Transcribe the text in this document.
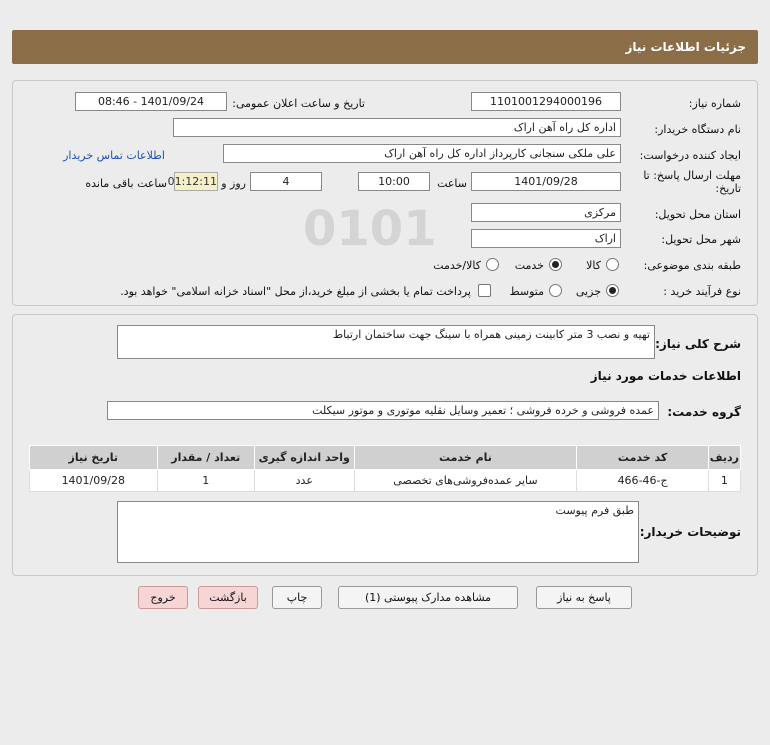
جزئیات اطلاعات نیاز
0101
شماره نیاز:
1101001294000196
تاریخ و ساعت اعلان عمومی:
1401/09/24 - 08:46
نام دستگاه خریدار:
اداره کل راه آهن اراک
ایجاد کننده درخواست:
علی ملکی سنجانی کارپرداز اداره کل راه آهن اراک
اطلاعات تماس خریدار
مهلت ارسال پاسخ: تا
تاریخ:
1401/09/28
ساعت
10:00
4
روز و
01:12:11
ساعت باقی مانده
استان محل تحویل:
مرکزی
شهر محل تحویل:
اراک
طبقه بندی موضوعی:
کالا
خدمت
کالا/خدمت
نوع فرآیند خرید :
جزیی
متوسط
پرداخت تمام یا بخشی از مبلغ خرید،از محل "اسناد خزانه اسلامی" خواهد بود.
شرح کلی نیاز:
تهیه و نصب 3 متر کابینت زمینی همراه با سینگ جهت ساختمان ارتباط
اطلاعات خدمات مورد نیاز
گروه خدمت:
عمده فروشی و خرده فروشی ؛ تعمیر وسایل نقلیه موتوری و موتور سیکلت
ردیف	کد خدمت	نام خدمت	واحد اندازه گیری	تعداد / مقدار	تاریخ نیاز
1	ج-46-466	سایر عمده‌فروشی‌های تخصصی	عدد	1	1401/09/28
توضیحات خریدار:
طبق فرم پیوست
پاسخ به نیاز
مشاهده مدارک پیوستی (1)
چاپ
بازگشت
خروج
